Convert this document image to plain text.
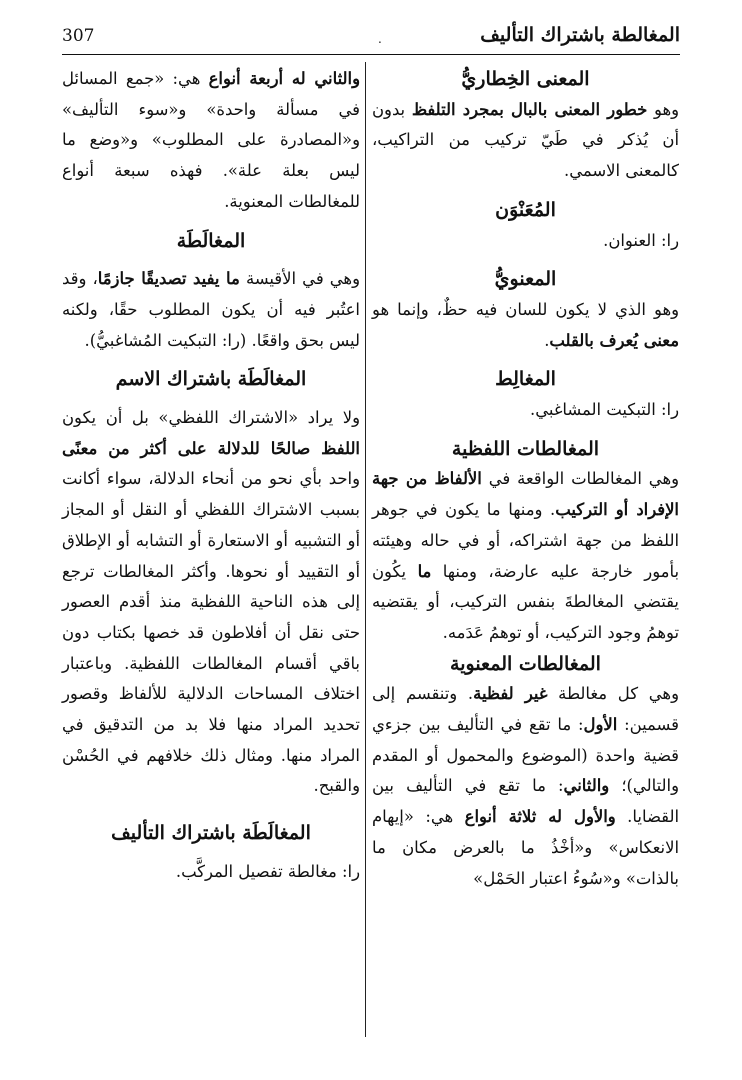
المغالطة باشتراك التأليف
.
307
المعنى الخِطاريُّ

وهو خطور المعنى بالبال بمجرد التلفظ بدون أن يُذكر في طَيّ تركيب من التراكيب، كالمعنى الاسمي.

المُعَنْوَن

را: العنوان.

المعنويُّ

وهو الذي لا يكون للسان فيه حظٌ، وإنما هو معنى يُعرف بالقلب.

المغالِط

را: التبكيت المشاغبي.

المغالطات اللفظية

وهي المغالطات الواقعة في الألفاظ من جهة الإفراد أو التركيب. ومنها ما يكون في جوهر اللفظ من جهة اشتراكه، أو في حاله وهيئته بأمور خارجة عليه عارضة، ومنها ما يكُون يقتضي المغالطةَ بنفس التركيب، أو يقتضيه توهمُ وجود التركيب، أو توهمُ عَدَمه.

المغالطات المعنوية

وهي كل مغالطة غير لفظية. وتنقسم إلى قسمين: الأول: ما تقع في التأليف بين جزءي قضية واحدة (الموضوع والمحمول أو المقدم والتالي)؛ والثاني: ما تقع في التأليف بين القضايا. والأول له ثلاثة أنواع هي: «إيهام الانعكاس» و«أخْذُ ما بالعرض مكان ما بالذات» و«سُوءُ اعتبار الحَمْل»

والثاني له أربعة أنواع هي: «جمع المسائل في مسألة واحدة» و«سوء التأليف» و«المصادرة على المطلوب» و«وضع ما ليس بعلة علة». فهذه سبعة أنواع للمغالطات المعنوية.

المغالَطَة

وهي في الأقيسة ما يفيد تصديقًا جازمًا، وقد اعتُبر فيه أن يكون المطلوب حقًا، ولكنه ليس بحق واقعًا. (را: التبكيت المُشاغبيُّ).

المغالَطَة باشتراك الاسم

ولا يراد «الاشتراك اللفظي» بل أن يكون اللفظ صالحًا للدلالة على أكثر من معنًى واحد بأي نحو من أنحاء الدلالة، سواء أكانت بسبب الاشتراك اللفظي أو النقل أو المجاز أو التشبيه أو الاستعارة أو التشابه أو الإطلاق أو التقييد أو نحوها. وأكثر المغالطات ترجع إلى هذه الناحية اللفظية منذ أقدم العصور حتى نقل أن أفلاطون قد خصها بكتاب دون باقي أقسام المغالطات اللفظية. وباعتبار اختلاف المساحات الدلالية للألفاظ وقصور تحديد المراد منها فلا بد من التدقيق في المراد منها. ومثال ذلك خلافهم في الحُسْن والقبح.

المغالَطَة باشتراك التأليف

را: مغالطة تفصيل المركَّب.
